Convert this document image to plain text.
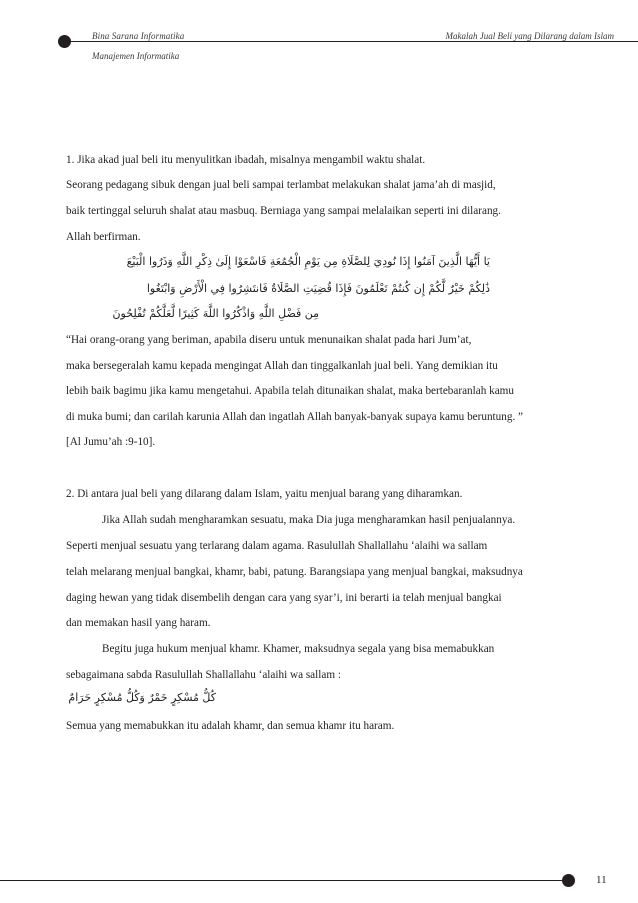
Bina Sarana Informatika
Manajemen Informatika
Makalah Jual Beli yang Dilarang dalam Islam
1. Jika akad jual beli itu menyulitkan ibadah, misalnya mengambil waktu shalat.
Seorang pedagang sibuk dengan jual beli sampai terlambat melakukan shalat jama’ah di masjid,
baik tertinggal seluruh shalat atau masbuq. Berniaga yang sampai melalaikan seperti ini dilarang.
Allah berfirman.
يَا أَيُّهَا الَّذِينَ آمَنُوا إِذَا نُودِيَ لِلصَّلَاةِ مِن يَوْمِ الْجُمُعَةِ فَاسْعَوْا إِلَىٰ ذِكْرِ اللَّهِ وَذَرُوا الْبَيْعَ
ذَٰلِكُمْ خَيْرٌ لَّكُمْ إِن كُنتُمْ تَعْلَمُونَ فَإِذَا قُضِيَتِ الصَّلَاةُ فَانتَشِرُوا فِي الْأَرْضِ وَابْتَغُوا
مِن فَضْلِ اللَّهِ وَاذْكُرُوا اللَّهَ كَثِيرًا لَّعَلَّكُمْ تُفْلِحُونَ
“Hai orang-orang yang beriman, apabila diseru untuk menunaikan shalat pada hari Jum’at,
maka bersegeralah kamu kepada mengingat Allah dan tinggalkanlah jual beli. Yang demikian itu
lebih baik bagimu jika kamu mengetahui. Apabila telah ditunaikan shalat, maka bertebaranlah kamu
di muka bumi; dan carilah karunia Allah dan ingatlah Allah banyak-banyak supaya kamu beruntung. ”
[Al Jumu’ah :9-10].
2. Di antara jual beli yang dilarang dalam Islam, yaitu menjual barang yang diharamkan.
Jika Allah sudah mengharamkan sesuatu, maka Dia juga mengharamkan hasil penjualannya.
Seperti menjual sesuatu yang terlarang dalam agama. Rasulullah Shallallahu ‘alaihi wa sallam
telah melarang menjual bangkai, khamr, babi, patung. Barangsiapa yang menjual bangkai, maksudnya
daging hewan yang tidak disembelih dengan cara yang syar’i, ini berarti ia telah menjual bangkai
dan memakan hasil yang haram.
Begitu juga hukum menjual khamr. Khamer, maksudnya segala yang bisa memabukkan
sebagaimana sabda Rasulullah Shallallahu ‘alaihi wa sallam :
كُلُّ مُسْكِرٍ خَمْرٌ وَكُلُّ مُسْكِرٍ حَرَامٌ
Semua yang memabukkan itu adalah khamr, dan semua khamr itu haram.
11
